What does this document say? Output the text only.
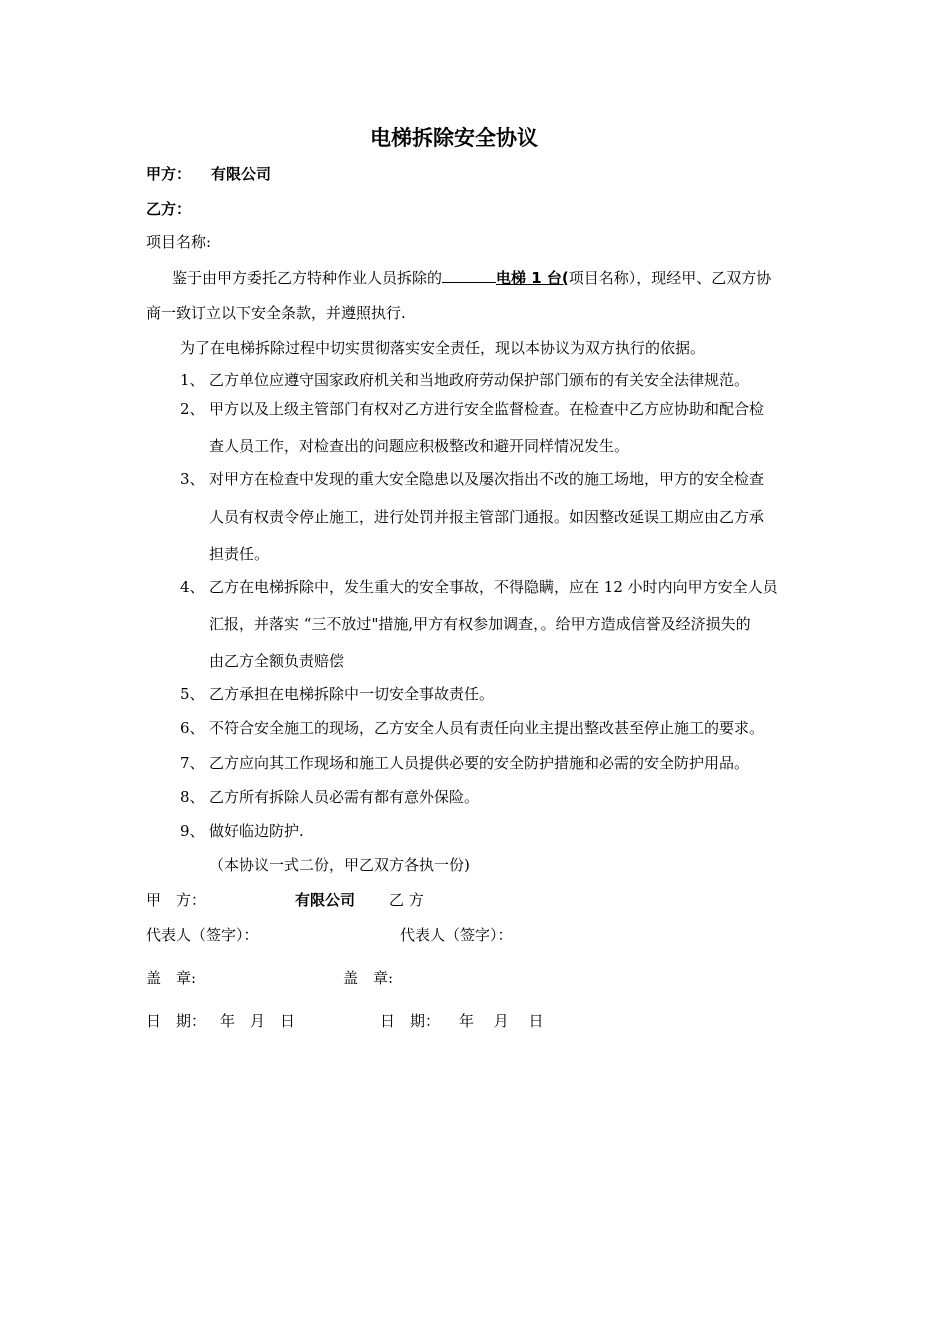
电梯拆除安全协议
甲方： 有限公司
乙方：
项目名称:
鉴于由甲方委托乙方特种作业人员拆除的	电梯 1 台(项目名称），现经甲、乙双方协
商一致订立以下安全条款，并遵照执行.
为了在电梯拆除过程中切实贯彻落实安全责任，现以本协议为双方执行的依据。
1、 乙方单位应遵守国家政府机关和当地政府劳动保护部门颁布的有关安全法律规范。
2、 甲方以及上级主管部门有权对乙方进行安全监督检查。在检查中乙方应协助和配合检
查人员工作，对检查出的问题应积极整改和避开同样情况发生。
3、 对甲方在检查中发现的重大安全隐患以及屡次指出不改的施工场地，甲方的安全检查
人员有权责令停止施工，进行处罚并报主管部门通报。如因整改延误工期应由乙方承
担责任。
4、 乙方在电梯拆除中，发生重大的安全事故，不得隐瞒，应在 12 小时内向甲方安全人员
汇报，并落实 “三不放过"措施,甲方有权参加调查，。给甲方造成信誉及经济损失的
由乙方全额负责赔偿
5、 乙方承担在电梯拆除中一切安全事故责任。
6、 不符合安全施工的现场，乙方安全人员有责任向业主提出整改甚至停止施工的要求。
7、 乙方应向其工作现场和施工人员提供必要的安全防护措施和必需的安全防护用品。
8、 乙方所有拆除人员必需有都有意外保险。
9、 做好临边防护.
（本协议一式二份，甲乙双方各执一份)
甲　方：	有限公司 乙 方
代表人（签字）：	代表人（签字）：
盖　章:	盖　章:
日　期： 年　月　日	日　期： 年　 月　 日
